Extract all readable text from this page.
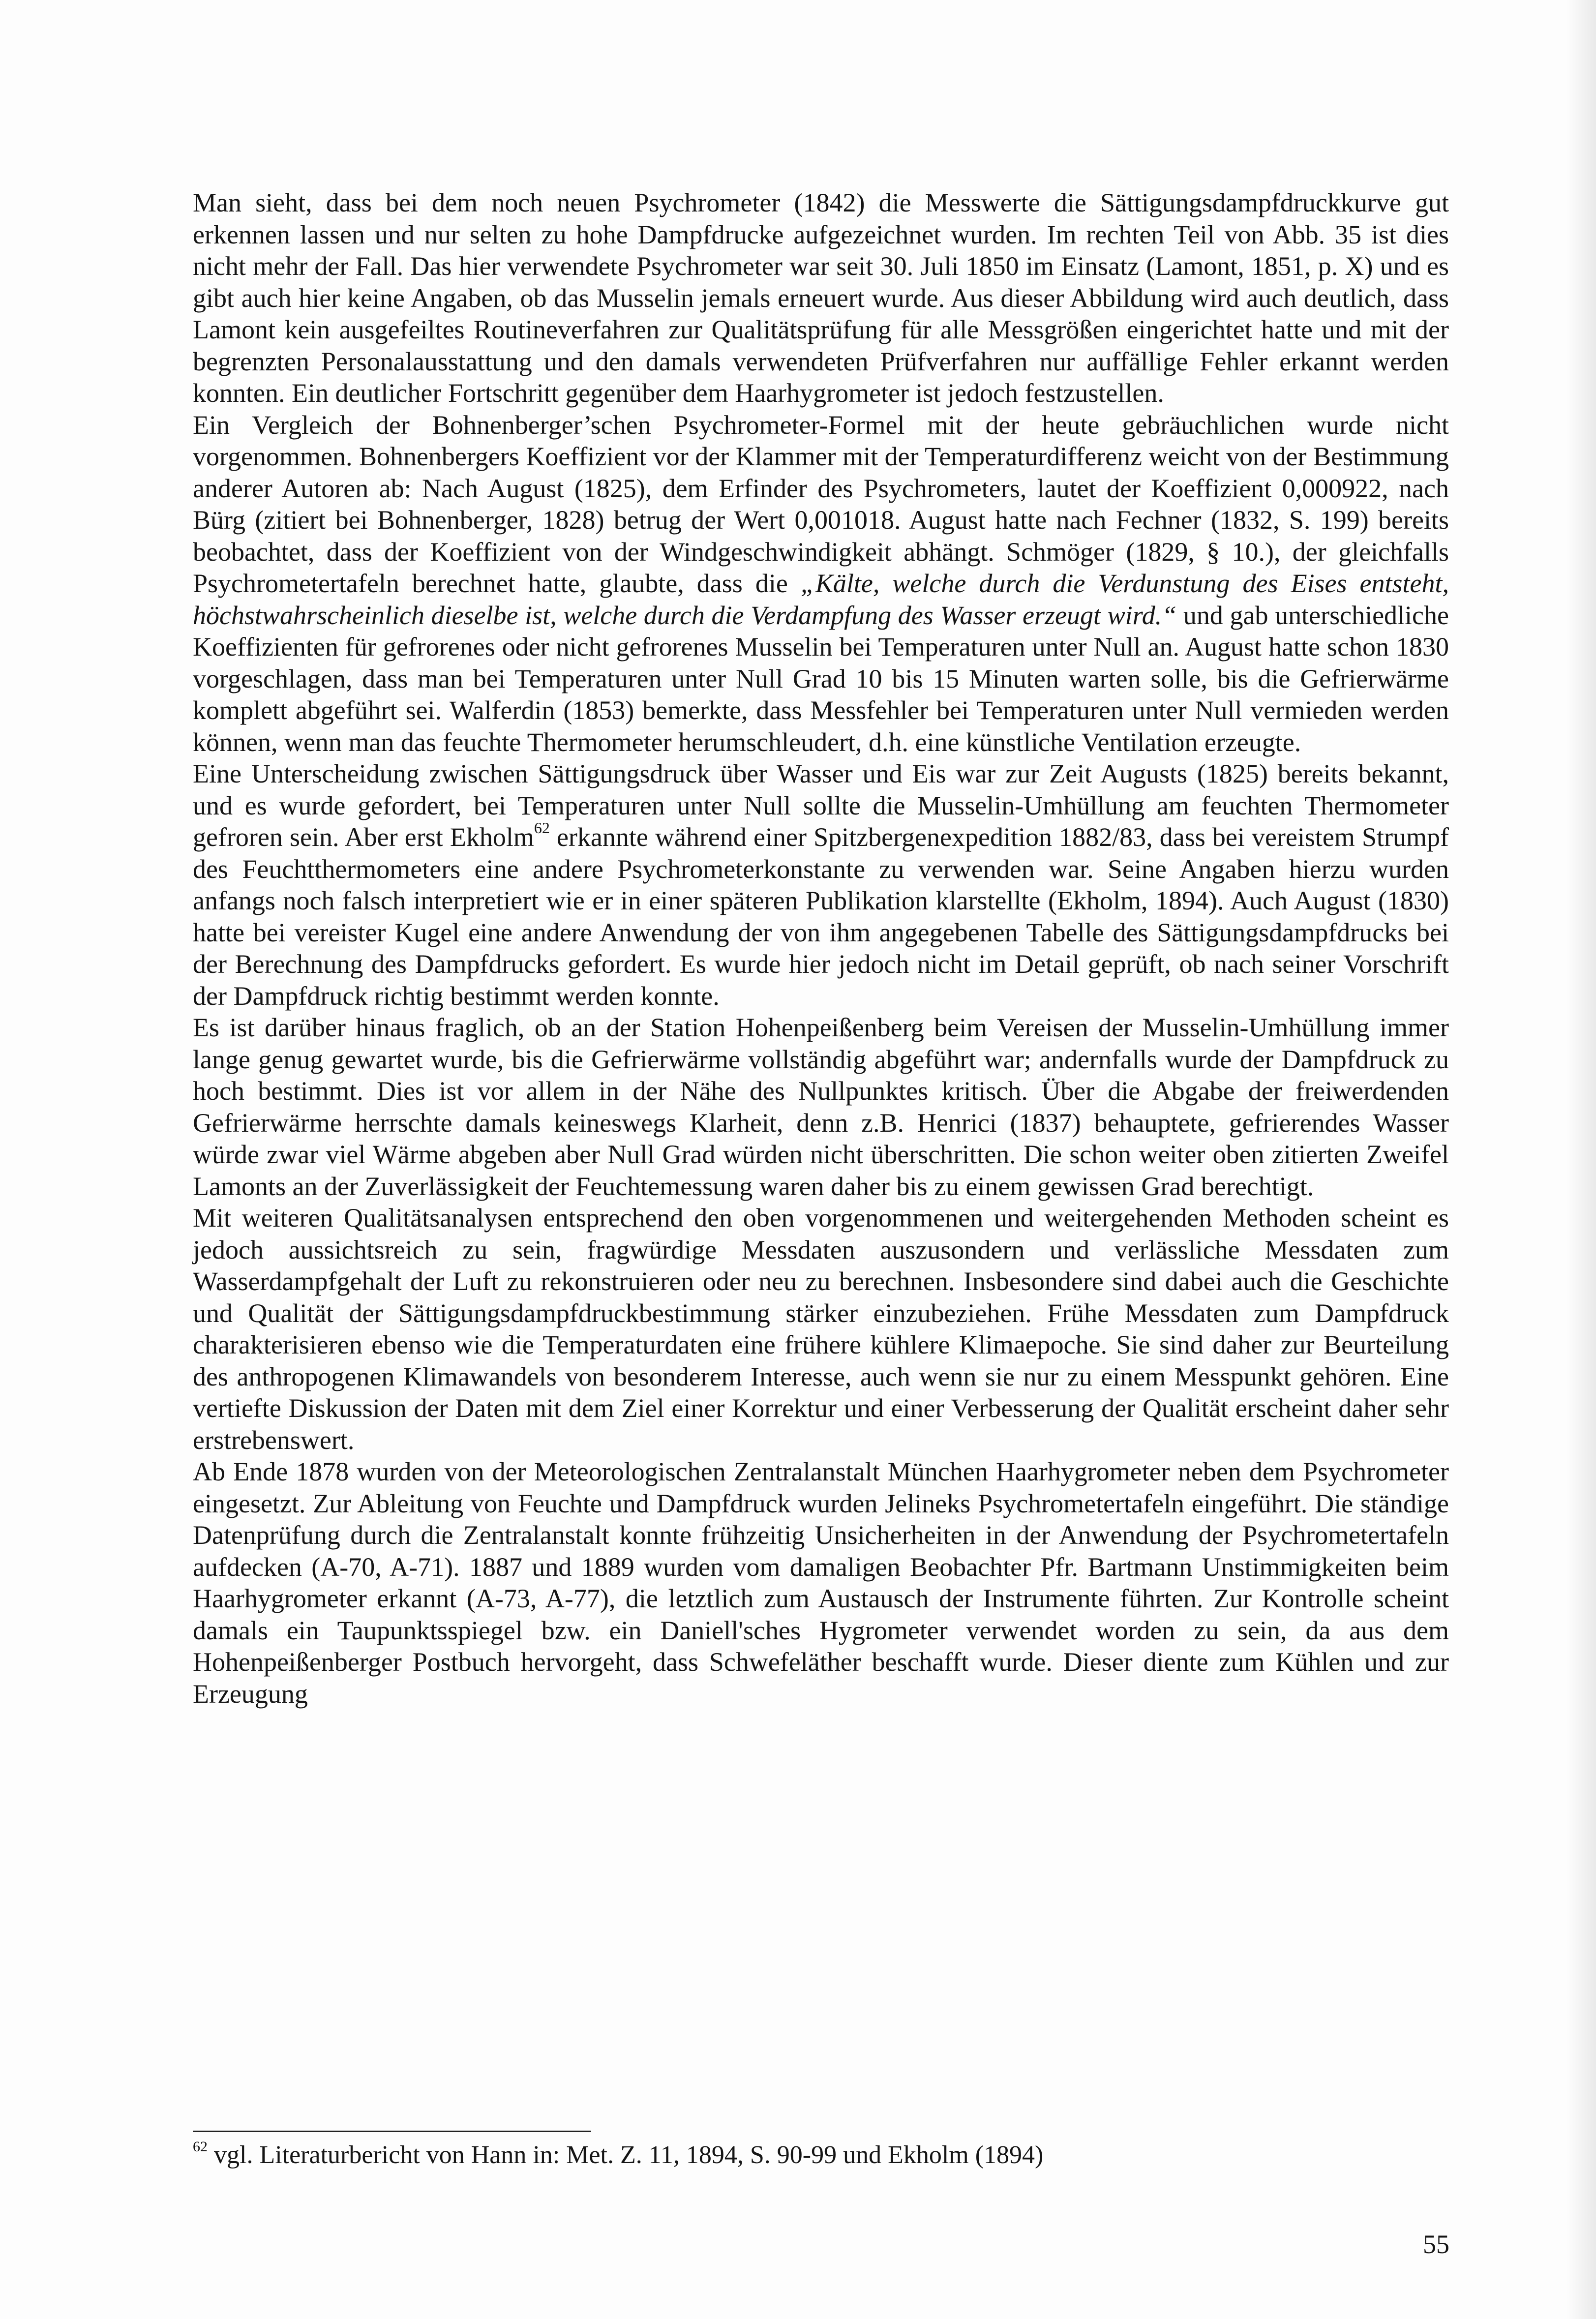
Man sieht, dass bei dem noch neuen Psychrometer (1842) die Messwerte die Sättigungsdampfdruckkurve gut erkennen lassen und nur selten zu hohe Dampfdrucke aufgezeichnet wurden. Im rechten Teil von Abb. 35 ist dies nicht mehr der Fall. Das hier verwendete Psychrometer war seit 30. Juli 1850 im Einsatz (Lamont, 1851, p. X) und es gibt auch hier keine Angaben, ob das Musselin jemals erneuert wurde. Aus dieser Abbildung wird auch deutlich, dass Lamont kein ausgefeiltes Routineverfahren zur Qualitätsprüfung für alle Messgrößen eingerichtet hatte und mit der begrenzten Personalausstattung und den damals verwendeten Prüfverfahren nur auffällige Fehler erkannt werden konnten. Ein deutlicher Fortschritt gegenüber dem Haarhygrometer ist jedoch festzustellen.

Ein Vergleich der Bohnenberger’schen Psychrometer-Formel mit der heute gebräuchlichen wurde nicht vorgenommen. Bohnenbergers Koeffizient vor der Klammer mit der Temperaturdifferenz weicht von der Bestimmung anderer Autoren ab: Nach August (1825), dem Erfinder des Psychrometers, lautet der Koeffizient 0,000922, nach Bürg (zitiert bei Bohnenberger, 1828) betrug der Wert 0,001018. August hatte nach Fechner (1832, S. 199) bereits beobachtet, dass der Koeffizient von der Windgeschwindigkeit abhängt. Schmöger (1829, § 10.), der gleichfalls Psychrometertafeln berechnet hatte, glaubte, dass die „Kälte, welche durch die Verdunstung des Eises entsteht, höchstwahrscheinlich dieselbe ist, welche durch die Verdampfung des Wasser erzeugt wird.“ und gab unterschiedliche Koeffizienten für gefrorenes oder nicht gefrorenes Musselin bei Temperaturen unter Null an. August hatte schon 1830 vorgeschlagen, dass man bei Temperaturen unter Null Grad 10 bis 15 Minuten warten solle, bis die Gefrierwärme komplett abgeführt sei. Walferdin (1853) bemerkte, dass Messfehler bei Temperaturen unter Null vermieden werden können, wenn man das feuchte Thermometer herumschleudert, d.h. eine künstliche Ventilation erzeugte.

Eine Unterscheidung zwischen Sättigungsdruck über Wasser und Eis war zur Zeit Augusts (1825) bereits bekannt, und es wurde gefordert, bei Temperaturen unter Null sollte die Musselin-Umhüllung am feuchten Thermometer gefroren sein. Aber erst Ekholm$^{62}$ erkannte während einer Spitzbergenexpedition 1882/83, dass bei vereistem Strumpf des Feuchtthermometers eine andere Psychrometerkonstante zu verwenden war. Seine Angaben hierzu wurden anfangs noch falsch interpretiert wie er in einer späteren Publikation klarstellte (Ekholm, 1894). Auch August (1830) hatte bei vereister Kugel eine andere Anwendung der von ihm angegebenen Tabelle des Sättigungsdampfdrucks bei der Berechnung des Dampfdrucks gefordert. Es wurde hier jedoch nicht im Detail geprüft, ob nach seiner Vorschrift der Dampfdruck richtig bestimmt werden konnte.

Es ist darüber hinaus fraglich, ob an der Station Hohenpeißenberg beim Vereisen der Musselin-Umhüllung immer lange genug gewartet wurde, bis die Gefrierwärme vollständig abgeführt war; andernfalls wurde der Dampfdruck zu hoch bestimmt. Dies ist vor allem in der Nähe des Nullpunktes kritisch. Über die Abgabe der freiwerdenden Gefrierwärme herrschte damals keineswegs Klarheit, denn z.B. Henrici (1837) behauptete, gefrierendes Wasser würde zwar viel Wärme abgeben aber Null Grad würden nicht überschritten. Die schon weiter oben zitierten Zweifel Lamonts an der Zuverlässigkeit der Feuchtemessung waren daher bis zu einem gewissen Grad berechtigt.

Mit weiteren Qualitätsanalysen entsprechend den oben vorgenommenen und weitergehenden Methoden scheint es jedoch aussichtsreich zu sein, fragwürdige Messdaten auszusondern und verlässliche Messdaten zum Wasserdampfgehalt der Luft zu rekonstruieren oder neu zu berechnen. Insbesondere sind dabei auch die Geschichte und Qualität der Sättigungsdampfdruckbestimmung stärker einzubeziehen. Frühe Messdaten zum Dampfdruck charakterisieren ebenso wie die Temperaturdaten eine frühere kühlere Klimaepoche. Sie sind daher zur Beurteilung des anthropogenen Klimawandels von besonderem Interesse, auch wenn sie nur zu einem Messpunkt gehören. Eine vertiefte Diskussion der Daten mit dem Ziel einer Korrektur und einer Verbesserung der Qualität erscheint daher sehr erstrebenswert.

Ab Ende 1878 wurden von der Meteorologischen Zentralanstalt München Haarhygrometer neben dem Psychrometer eingesetzt. Zur Ableitung von Feuchte und Dampfdruck wurden Jelineks Psychrometertafeln eingeführt. Die ständige Datenprüfung durch die Zentralanstalt konnte frühzeitig Unsicherheiten in der Anwendung der Psychrometertafeln aufdecken (A-70, A-71). 1887 und 1889 wurden vom damaligen Beobachter Pfr. Bartmann Unstimmigkeiten beim Haarhygrometer erkannt (A-73, A-77), die letztlich zum Austausch der Instrumente führten. Zur Kontrolle scheint damals ein Taupunktsspiegel bzw. ein Daniell'sches Hygrometer verwendet worden zu sein, da aus dem Hohenpeißenberger Postbuch hervorgeht, dass Schwefeläther beschafft wurde. Dieser diente zum Kühlen und zur Erzeugung

$^{62}$ vgl. Literaturbericht von Hann in: Met. Z. 11, 1894, S. 90-99 und Ekholm (1894)
55
